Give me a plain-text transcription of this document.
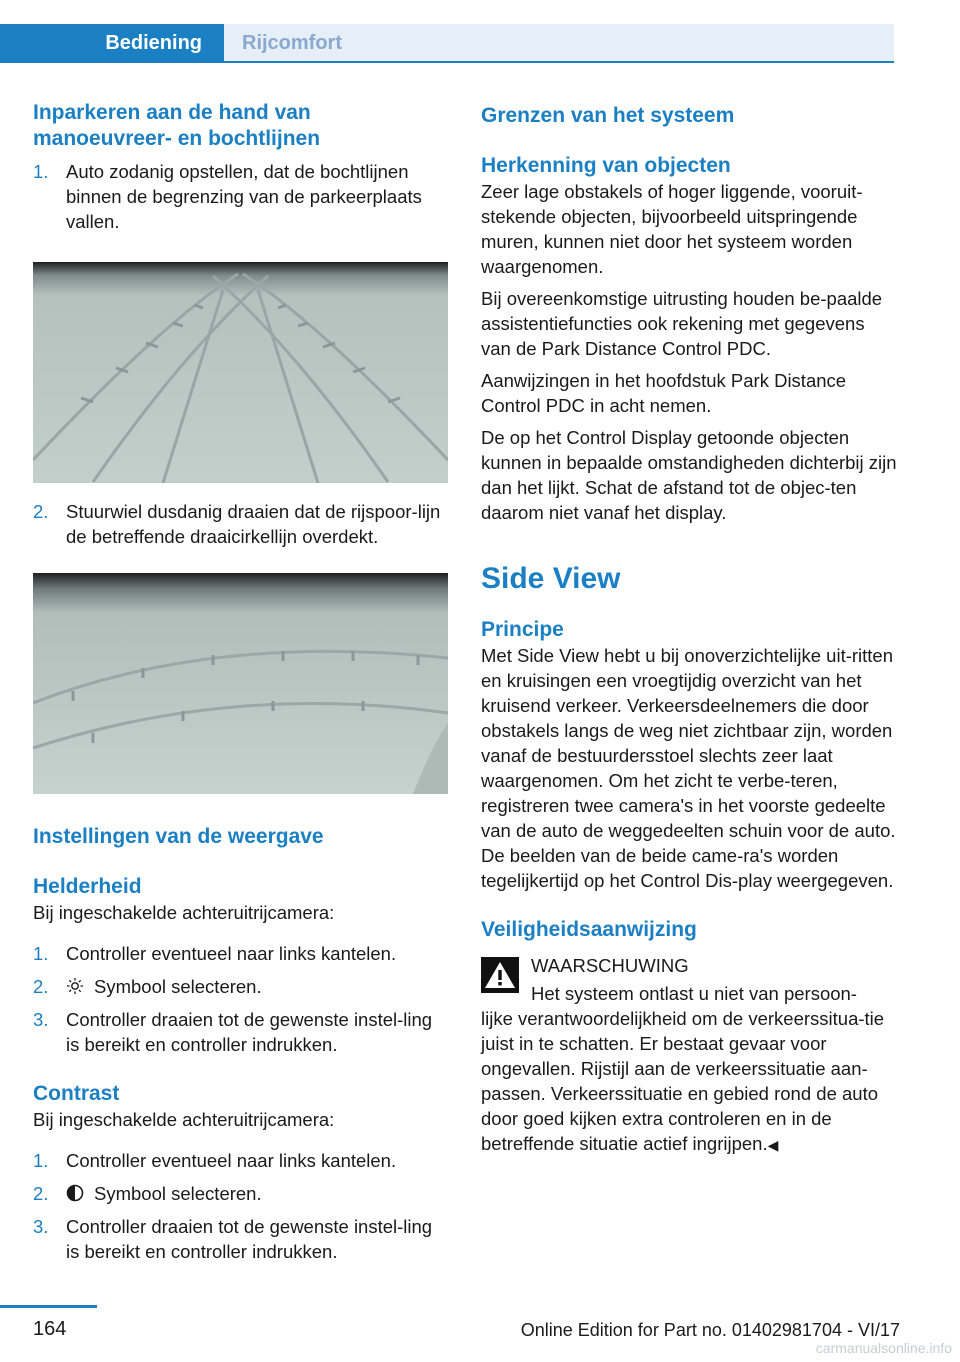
Bediening Rijcomfort
Inparkeren aan de hand van manoeuvreer- en bochtlijnen
1. Auto zodanig opstellen, dat de bochtlijnen binnen de begrenzing van de parkeerplaats vallen.
2. Stuurwiel dusdanig draaien dat de rijspoor-lijn de betreffende draaicirkellijn overdekt.
Instellingen van de weergave
Helderheid

Bij ingeschakelde achteruitrijcamera:

1. Controller eventueel naar links kantelen.
2. Symbool selecteren.
3. Controller draaien tot de gewenste instel-ling is bereikt en controller indrukken.
Contrast

Bij ingeschakelde achteruitrijcamera:

1. Controller eventueel naar links kantelen.
2. Symbool selecteren.
3. Controller draaien tot de gewenste instel-ling is bereikt en controller indrukken.
Grenzen van het systeem
Herkenning van objecten

Zeer lage obstakels of hoger liggende, vooruit-stekende objecten, bijvoorbeeld uitspringende muren, kunnen niet door het systeem worden waargenomen.

Bij overeenkomstige uitrusting houden be-paalde assistentiefuncties ook rekening met gegevens van de Park Distance Control PDC.

Aanwijzingen in het hoofdstuk Park Distance Control PDC in acht nemen.

De op het Control Display getoonde objecten kunnen in bepaalde omstandigheden dichterbij zijn dan het lijkt. Schat de afstand tot de objec-ten daarom niet vanaf het display.

Side View
Principe

Met Side View hebt u bij onoverzichtelijke uit-ritten en kruisingen een vroegtijdig overzicht van het kruisend verkeer. Verkeersdeelnemers die door obstakels langs de weg niet zichtbaar zijn, worden vanaf de bestuurdersstoel slechts zeer laat waargenomen. Om het zicht te verbe-teren, registreren twee camera's in het voorste gedeelte van de auto de weggedeelten schuin voor de auto. De beelden van de beide came-ra's worden tegelijkertijd op het Control Dis-play weergegeven.

Veiligheidsaanwijzing

WAARSCHUWING

Het systeem ontlast u niet van persoon-

lijke verantwoordelijkheid om de verkeerssitua-tie juist in te schatten. Er bestaat gevaar voor ongevallen. Rijstijl aan de verkeerssituatie aan-passen. Verkeerssituatie en gebied rond de auto door goed kijken extra controleren en in de betreffende situatie actief ingrijpen.◀

164	Online Edition for Part no. 01402981704 - VI/17
carmanualsonline.info
